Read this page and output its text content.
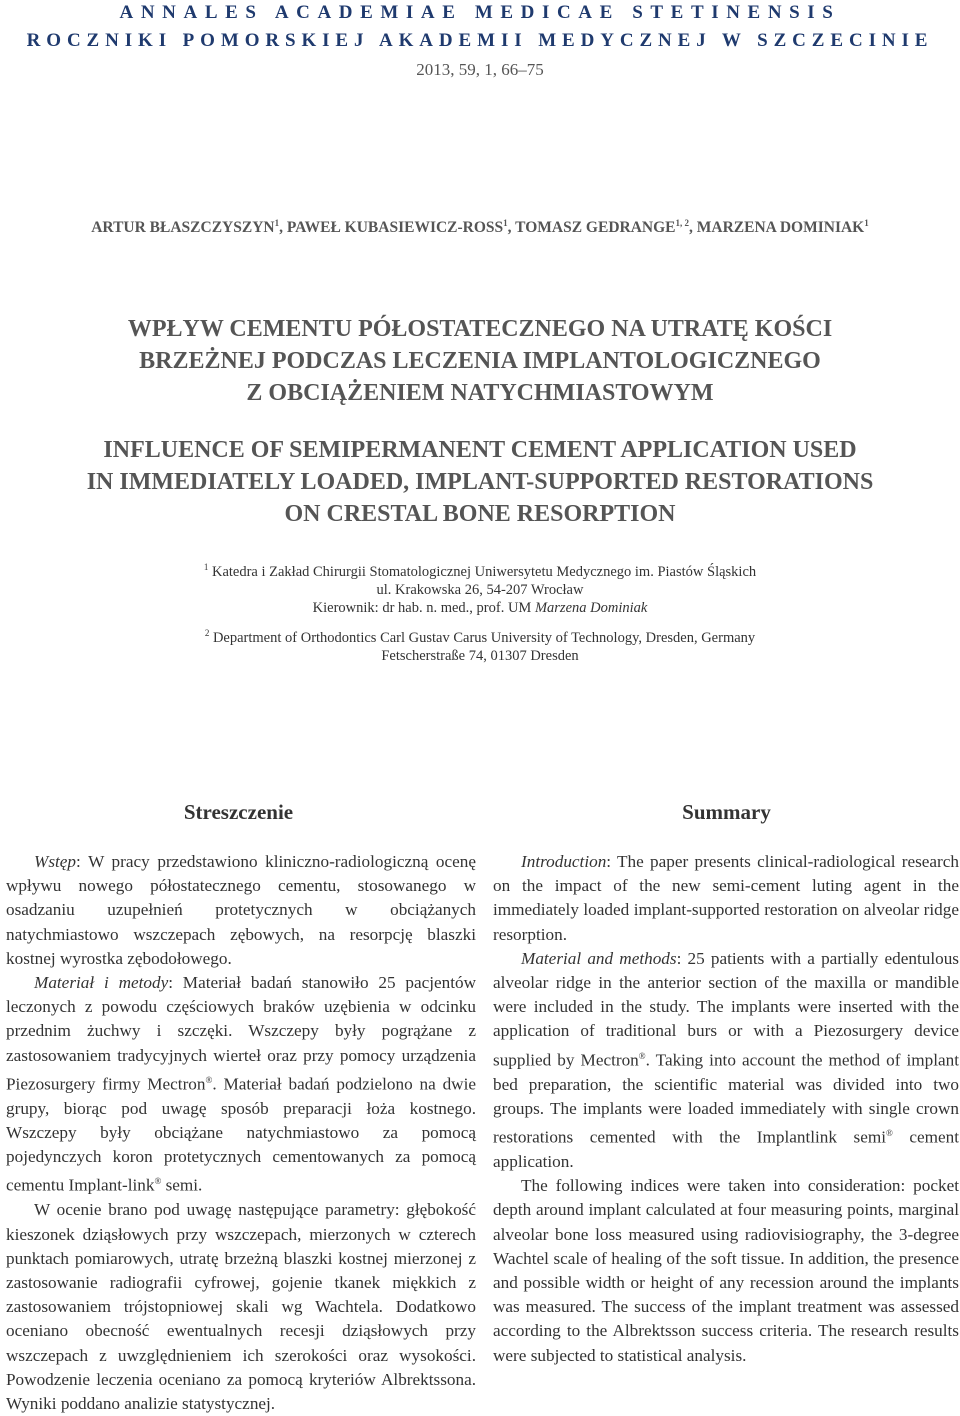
ANNALES ACADEMIAE MEDICAE STETINENSIS
ROCZNIKI POMORSKIEJ AKADEMII MEDYCZNEJ W SZCZECINIE
2013, 59, 1, 66–75
ARTUR BŁASZCZYSZYN$^1$, PAWEŁ KUBASIEWICZ-ROSS$^1$, TOMASZ GEDRANGE$^{1, 2}$, MARZENA DOMINIAK$^1$
WPŁYW CEMENTU PÓŁOSTATECZNEGO NA UTRATĘ KOŚCI
BRZEŻNEJ PODCZAS LECZENIA IMPLANTOLOGICZNEGO
Z OBCIĄŻENIEM NATYCHMIASTOWYM
INFLUENCE OF SEMIPERMANENT CEMENT APPLICATION USED
IN IMMEDIATELY LOADED, IMPLANT-SUPPORTED RESTORATIONS
ON CRESTAL BONE RESORPTION
$^1$ Katedra i Zakład Chirurgii Stomatologicznej Uniwersytetu Medycznego im. Piastów Śląskich
ul. Krakowska 26, 54-207 Wrocław
Kierownik: dr hab. n. med., prof. UM Marzena Dominiak
$^2$ Department of Orthodontics Carl Gustav Carus University of Technology, Dresden, Germany
Fetscherstraße 74, 01307 Dresden
Streszczenie	Summary

Wstęp: W pracy przedstawiono kliniczno-radiologiczną ocenę wpływu nowego półostatecznego cementu, stosowanego w osadzaniu uzupełnień protetycznych w obciążanych natychmiastowo wszczepach zębowych, na resorpcję blaszki kostnej wyrostka zębodołowego.

Materiał i metody: Materiał badań stanowiło 25 pacjentów leczonych z powodu częściowych braków uzębienia w odcinku przednim żuchwy i szczęki. Wszczepy były pogrążane z zastosowaniem tradycyjnych wierteł oraz przy pomocy urządzenia Piezosurgery firmy Mectron®. Materiał badań podzielono na dwie grupy, biorąc pod uwagę sposób preparacji łoża kostnego. Wszczepy były obciążane natychmiastowo za pomocą pojedynczych koron protetycznych cementowanych za pomocą cementu Implant-link® semi.

W ocenie brano pod uwagę następujące parametry: głębokość kieszonek dziąsłowych przy wszczepach, mierzonych w czterech punktach pomiarowych, utratę brzeżną blaszki kostnej mierzonej z zastosowanie radiografii cyfrowej, gojenie tkanek miękkich z zastosowaniem trójstopniowej skali wg Wachtela. Dodatkowo oceniano obecność ewentualnych recesji dziąsłowych przy wszczepach z uwzględnieniem ich szerokości oraz wysokości. Powodzenie leczenia oceniano za pomocą kryteriów Albrektssona. Wyniki poddano analizie statystycznej.

Introduction: The paper presents clinical-radiological research on the impact of the new semi-cement luting agent in the immediately loaded implant-supported restoration on alveolar ridge resorption.

Material and methods: 25 patients with a partially edentulous alveolar ridge in the anterior section of the maxilla or mandible were included in the study. The implants were inserted with the application of traditional burs or with a Piezosurgery device supplied by Mectron®. Taking into account the method of implant bed preparation, the scientific material was divided into two groups. The implants were loaded immediately with single crown restorations cemented with the Implantlink semi® cement application.

The following indices were taken into consideration: pocket depth around implant calculated at four measuring points, marginal alveolar bone loss measured using radiovisiography, the 3-degree Wachtel scale of healing of the soft tissue. In addition, the presence and possible width or height of any recession around the implants was measured. The success of the implant treatment was assessed according to the Albrektsson success criteria. The research results were subjected to statistical analysis.
